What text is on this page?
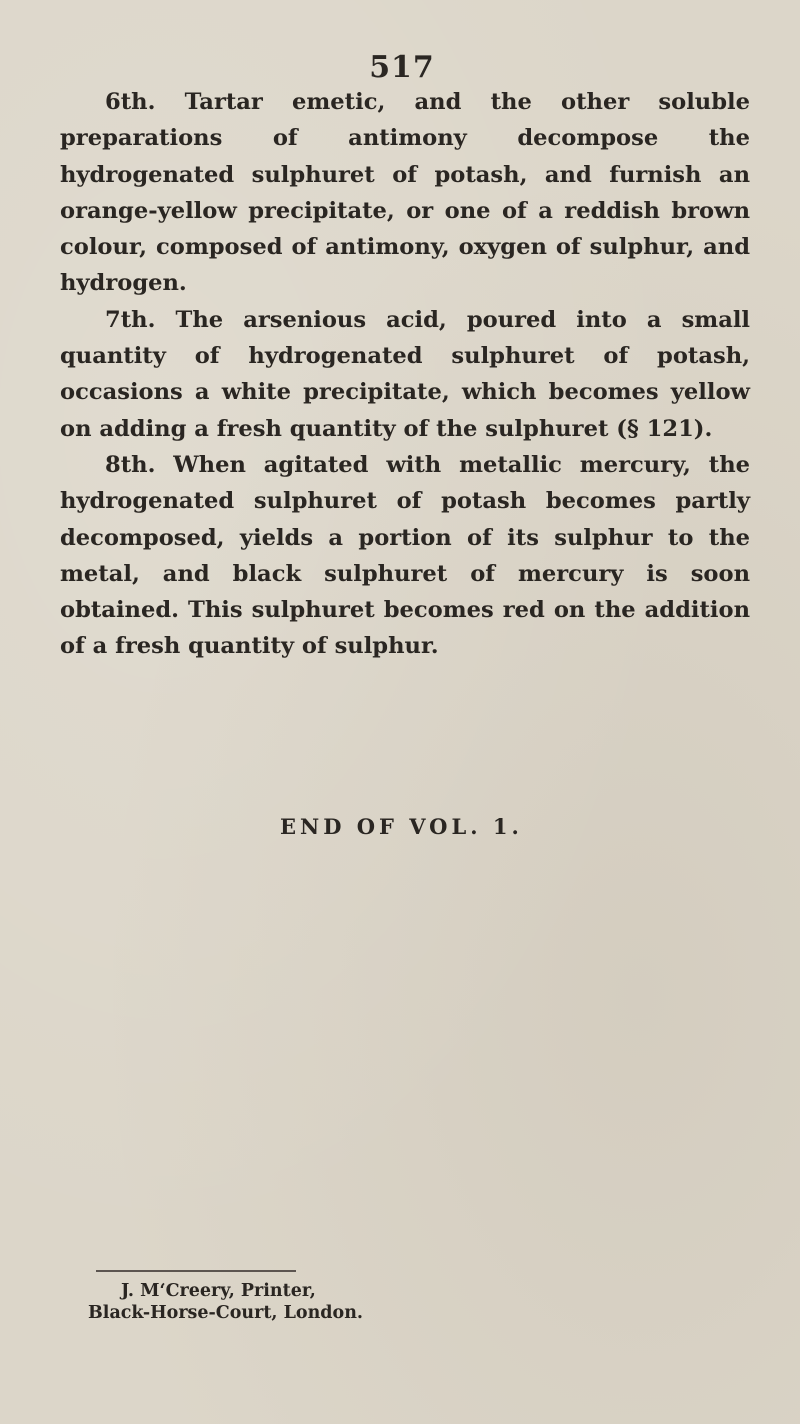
517

6th. Tartar emetic, and the other soluble preparations of antimony decompose the hydrogenated sulphuret of potash, and furnish an orange-yellow precipitate, or one of a reddish brown colour, composed of antimony, oxygen of sulphur, and hydrogen.

7th. The arsenious acid, poured into a small quantity of hydrogenated sulphuret of potash, occasions a white precipitate, which becomes yellow on adding a fresh quantity of the sulphuret (§ 121).

8th. When agitated with metallic mercury, the hydrogenated sulphuret of potash becomes partly decomposed, yields a portion of its sulphur to the metal, and black sulphuret of mercury is soon obtained. This sulphuret becomes red on the addition of a fresh quantity of sulphur.

END OF VOL. 1.
J. M‘Creery, Printer,
Black-Horse-Court, London.
